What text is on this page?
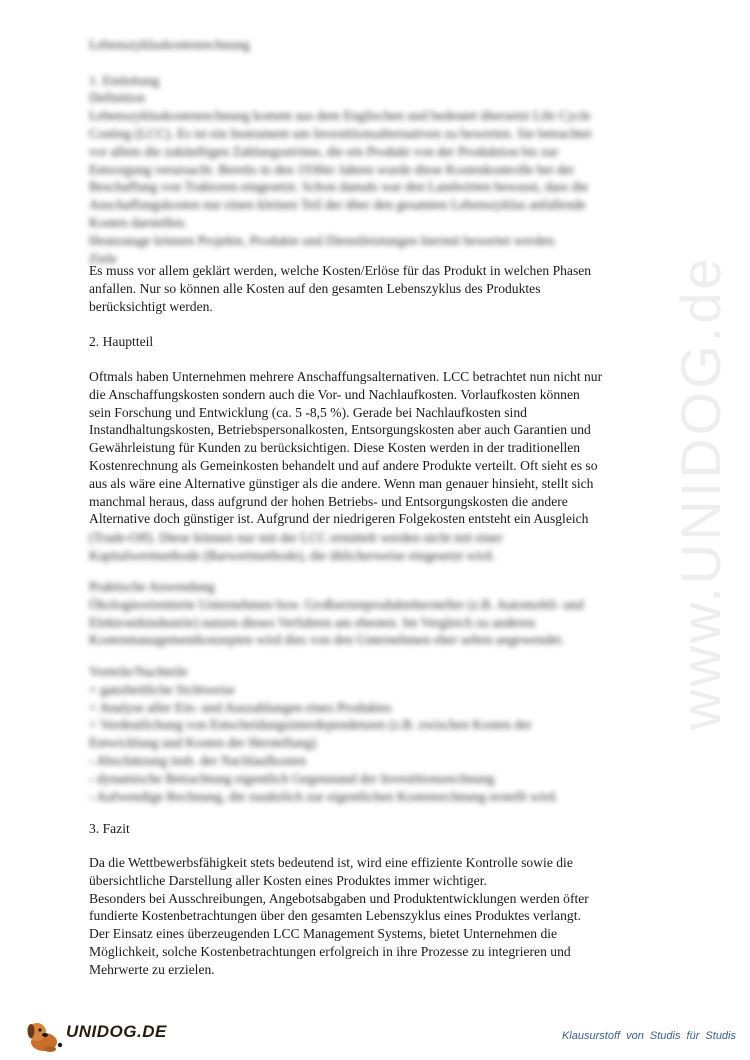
www.UNIDOG.de

Lebenszykluskostenrechnung

1. Einleitung

Definition

Lebenszykluskostenrechnung kommt aus dem Englischen und bedeutet übersetzt Life Cycle

Costing (LCC). Es ist ein Instrument um Investitionsalternativen zu bewerten. Sie betrachtet

vor allem die zukünftigen Zahlungsströme, die ein Produkt von der Produktion bis zur

Entsorgung verursacht. Bereits in den 1930er Jahren wurde diese Kostenkontrolle bei der

Beschaffung von Traktoren eingesetzt. Schon damals war den Landwirten bewusst, dass die

Anschaffungskosten nur einen kleinen Teil der über den gesamten Lebenszyklus anfallende

Kosten darstellen.

Heutzutage können Projekte, Produkte und Dienstleistungen hiermit bewertet werden.

Ziele

Es muss vor allem geklärt werden, welche Kosten/Erlöse für das Produkt in welchen Phasen

anfallen. Nur so können alle Kosten auf den gesamten Lebenszyklus des Produktes

berücksichtigt werden.

2. Hauptteil

Oftmals haben Unternehmen mehrere Anschaffungsalternativen. LCC betrachtet nun nicht nur

die Anschaffungskosten sondern auch die Vor- und Nachlaufkosten. Vorlaufkosten können

sein Forschung und Entwicklung (ca. 5 -8,5 %). Gerade bei Nachlaufkosten sind

Instandhaltungskosten, Betriebspersonalkosten, Entsorgungskosten aber auch Garantien und

Gewährleistung für Kunden zu berücksichtigen. Diese Kosten werden in der traditionellen

Kostenrechnung als Gemeinkosten behandelt und auf andere Produkte verteilt. Oft sieht es so

aus als wäre eine Alternative günstiger als die andere. Wenn man genauer hinsieht, stellt sich

manchmal heraus, dass aufgrund der hohen Betriebs- und Entsorgungskosten die andere

Alternative doch günstiger ist. Aufgrund der niedrigeren Folgekosten entsteht ein Ausgleich

(Trade-Off). Diese können nur mit der LCC ermittelt werden nicht mit einer

Kapitalwertmethode (Barwertmethode), die üblicherweise eingesetzt wird.

Praktische Anwendung

Ökologieorientierte Unternehmen bzw. Großserienproduktehersteller (z.B. Automobil- und

Elektronikindustrie) nutzen dieses Verfahren am ehesten. Im Vergleich zu anderen

Kostenmanagementkonzepten wird dies von den Unternehmen eher selten angewendet.

Vorteile/Nachteile

+ ganzheitliche Sichtweise

+ Analyse aller Ein- und Auszahlungen eines Produktes

+ Verdeutlichung von Entscheidungsinterdependenzen (z.B. zwischen Kosten der

Entwicklung und Kosten der Herstellung)

- Abschätzung insb. der Nachlaufkosten

- dynamische Betrachtung eigentlich Gegenstand der Investitionsrechnung

- Aufwendige Rechnung, die zusätzlich zur eigentlichen Kostenrechnung erstellt wird.

3. Fazit

Da die Wettbewerbsfähigkeit stets bedeutend ist, wird eine effiziente Kontrolle sowie die

übersichtliche Darstellung aller Kosten eines Produktes immer wichtiger.

Besonders bei Ausschreibungen, Angebotsabgaben und Produktentwicklungen werden öfter

fundierte Kostenbetrachtungen über den gesamten Lebenszyklus eines Produktes verlangt.

Der Einsatz eines überzeugenden LCC Management Systems, bietet Unternehmen die

Möglichkeit, solche Kostenbetrachtungen erfolgreich in ihre Prozesse zu integrieren und

Mehrwerte zu erzielen.

UNIDOG.DE	Klausurstoff von Studis für Studis
